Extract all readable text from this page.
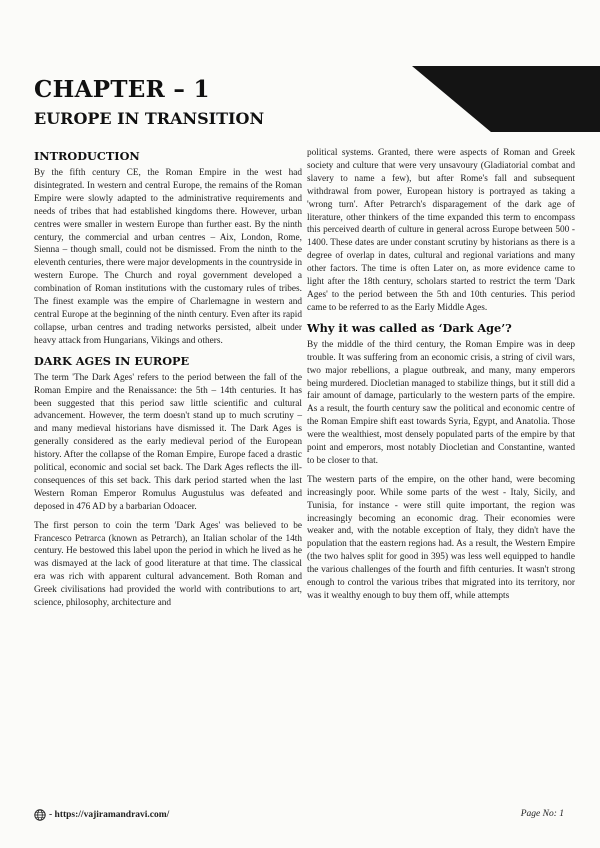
CHAPTER – 1
EUROPE IN TRANSITION
INTRODUCTION

By the fifth century CE, the Roman Empire in the west had disintegrated. In western and central Europe, the remains of the Roman Empire were slowly adapted to the administrative requirements and needs of tribes that had established kingdoms there. However, urban centres were smaller in western Europe than further east. By the ninth century, the commercial and urban centres – Aix, London, Rome, Sienna – though small, could not be dismissed. From the ninth to the eleventh centuries, there were major developments in the countryside in western Europe. The Church and royal government developed a combination of Roman institutions with the customary rules of tribes. The finest example was the empire of Charlemagne in western and central Europe at the beginning of the ninth century. Even after its rapid collapse, urban centres and trading networks persisted, albeit under heavy attack from Hungarians, Vikings and others.

DARK AGES IN EUROPE

The term 'The Dark Ages' refers to the period between the fall of the Roman Empire and the Renaissance: the 5th – 14th centuries. It has been suggested that this period saw little scientific and cultural advancement. However, the term doesn't stand up to much scrutiny – and many medieval historians have dismissed it. The Dark Ages is generally considered as the early medieval period of the European history. After the collapse of the Roman Empire, Europe faced a drastic political, economic and social set back. The Dark Ages reflects the ill-consequences of this set back. This dark period started when the last Western Roman Emperor Romulus Augustulus was defeated and deposed in 476 AD by a barbarian Odoacer.

The first person to coin the term 'Dark Ages' was believed to be Francesco Petrarca (known as Petrarch), an Italian scholar of the 14th century. He bestowed this label upon the period in which he lived as he was dismayed at the lack of good literature at that time. The classical era was rich with apparent cultural advancement. Both Roman and Greek civilisations had provided the world with contributions to art, science, philosophy, architecture and

political systems. Granted, there were aspects of Roman and Greek society and culture that were very unsavoury (Gladiatorial combat and slavery to name a few), but after Rome's fall and subsequent withdrawal from power, European history is portrayed as taking a 'wrong turn'. After Petrarch's disparagement of the dark age of literature, other thinkers of the time expanded this term to encompass this perceived dearth of culture in general across Europe between 500 - 1400. These dates are under constant scrutiny by historians as there is a degree of overlap in dates, cultural and regional variations and many other factors. The time is often Later on, as more evidence came to light after the 18th century, scholars started to restrict the term 'Dark Ages' to the period between the 5th and 10th centuries. This period came to be referred to as the Early Middle Ages.

Why it was called as ‘Dark Age’?

By the middle of the third century, the Roman Empire was in deep trouble. It was suffering from an economic crisis, a string of civil wars, two major rebellions, a plague outbreak, and many, many emperors being murdered. Diocletian managed to stabilize things, but it still did a fair amount of damage, particularly to the western parts of the empire. As a result, the fourth century saw the political and economic centre of the Roman Empire shift east towards Syria, Egypt, and Anatolia. Those were the wealthiest, most densely populated parts of the empire by that point and emperors, most notably Diocletian and Constantine, wanted to be closer to that.

The western parts of the empire, on the other hand, were becoming increasingly poor. While some parts of the west - Italy, Sicily, and Tunisia, for instance - were still quite important, the region was increasingly becoming an economic drag. Their economies were weaker and, with the notable exception of Italy, they didn't have the population that the eastern regions had. As a result, the Western Empire (the two halves split for good in 395) was less well equipped to handle the various challenges of the fourth and fifth centuries. It wasn't strong enough to control the various tribes that migrated into its territory, nor was it wealthy enough to buy them off, while attempts

- https://vajiramandravi.com/	Page No: 1
